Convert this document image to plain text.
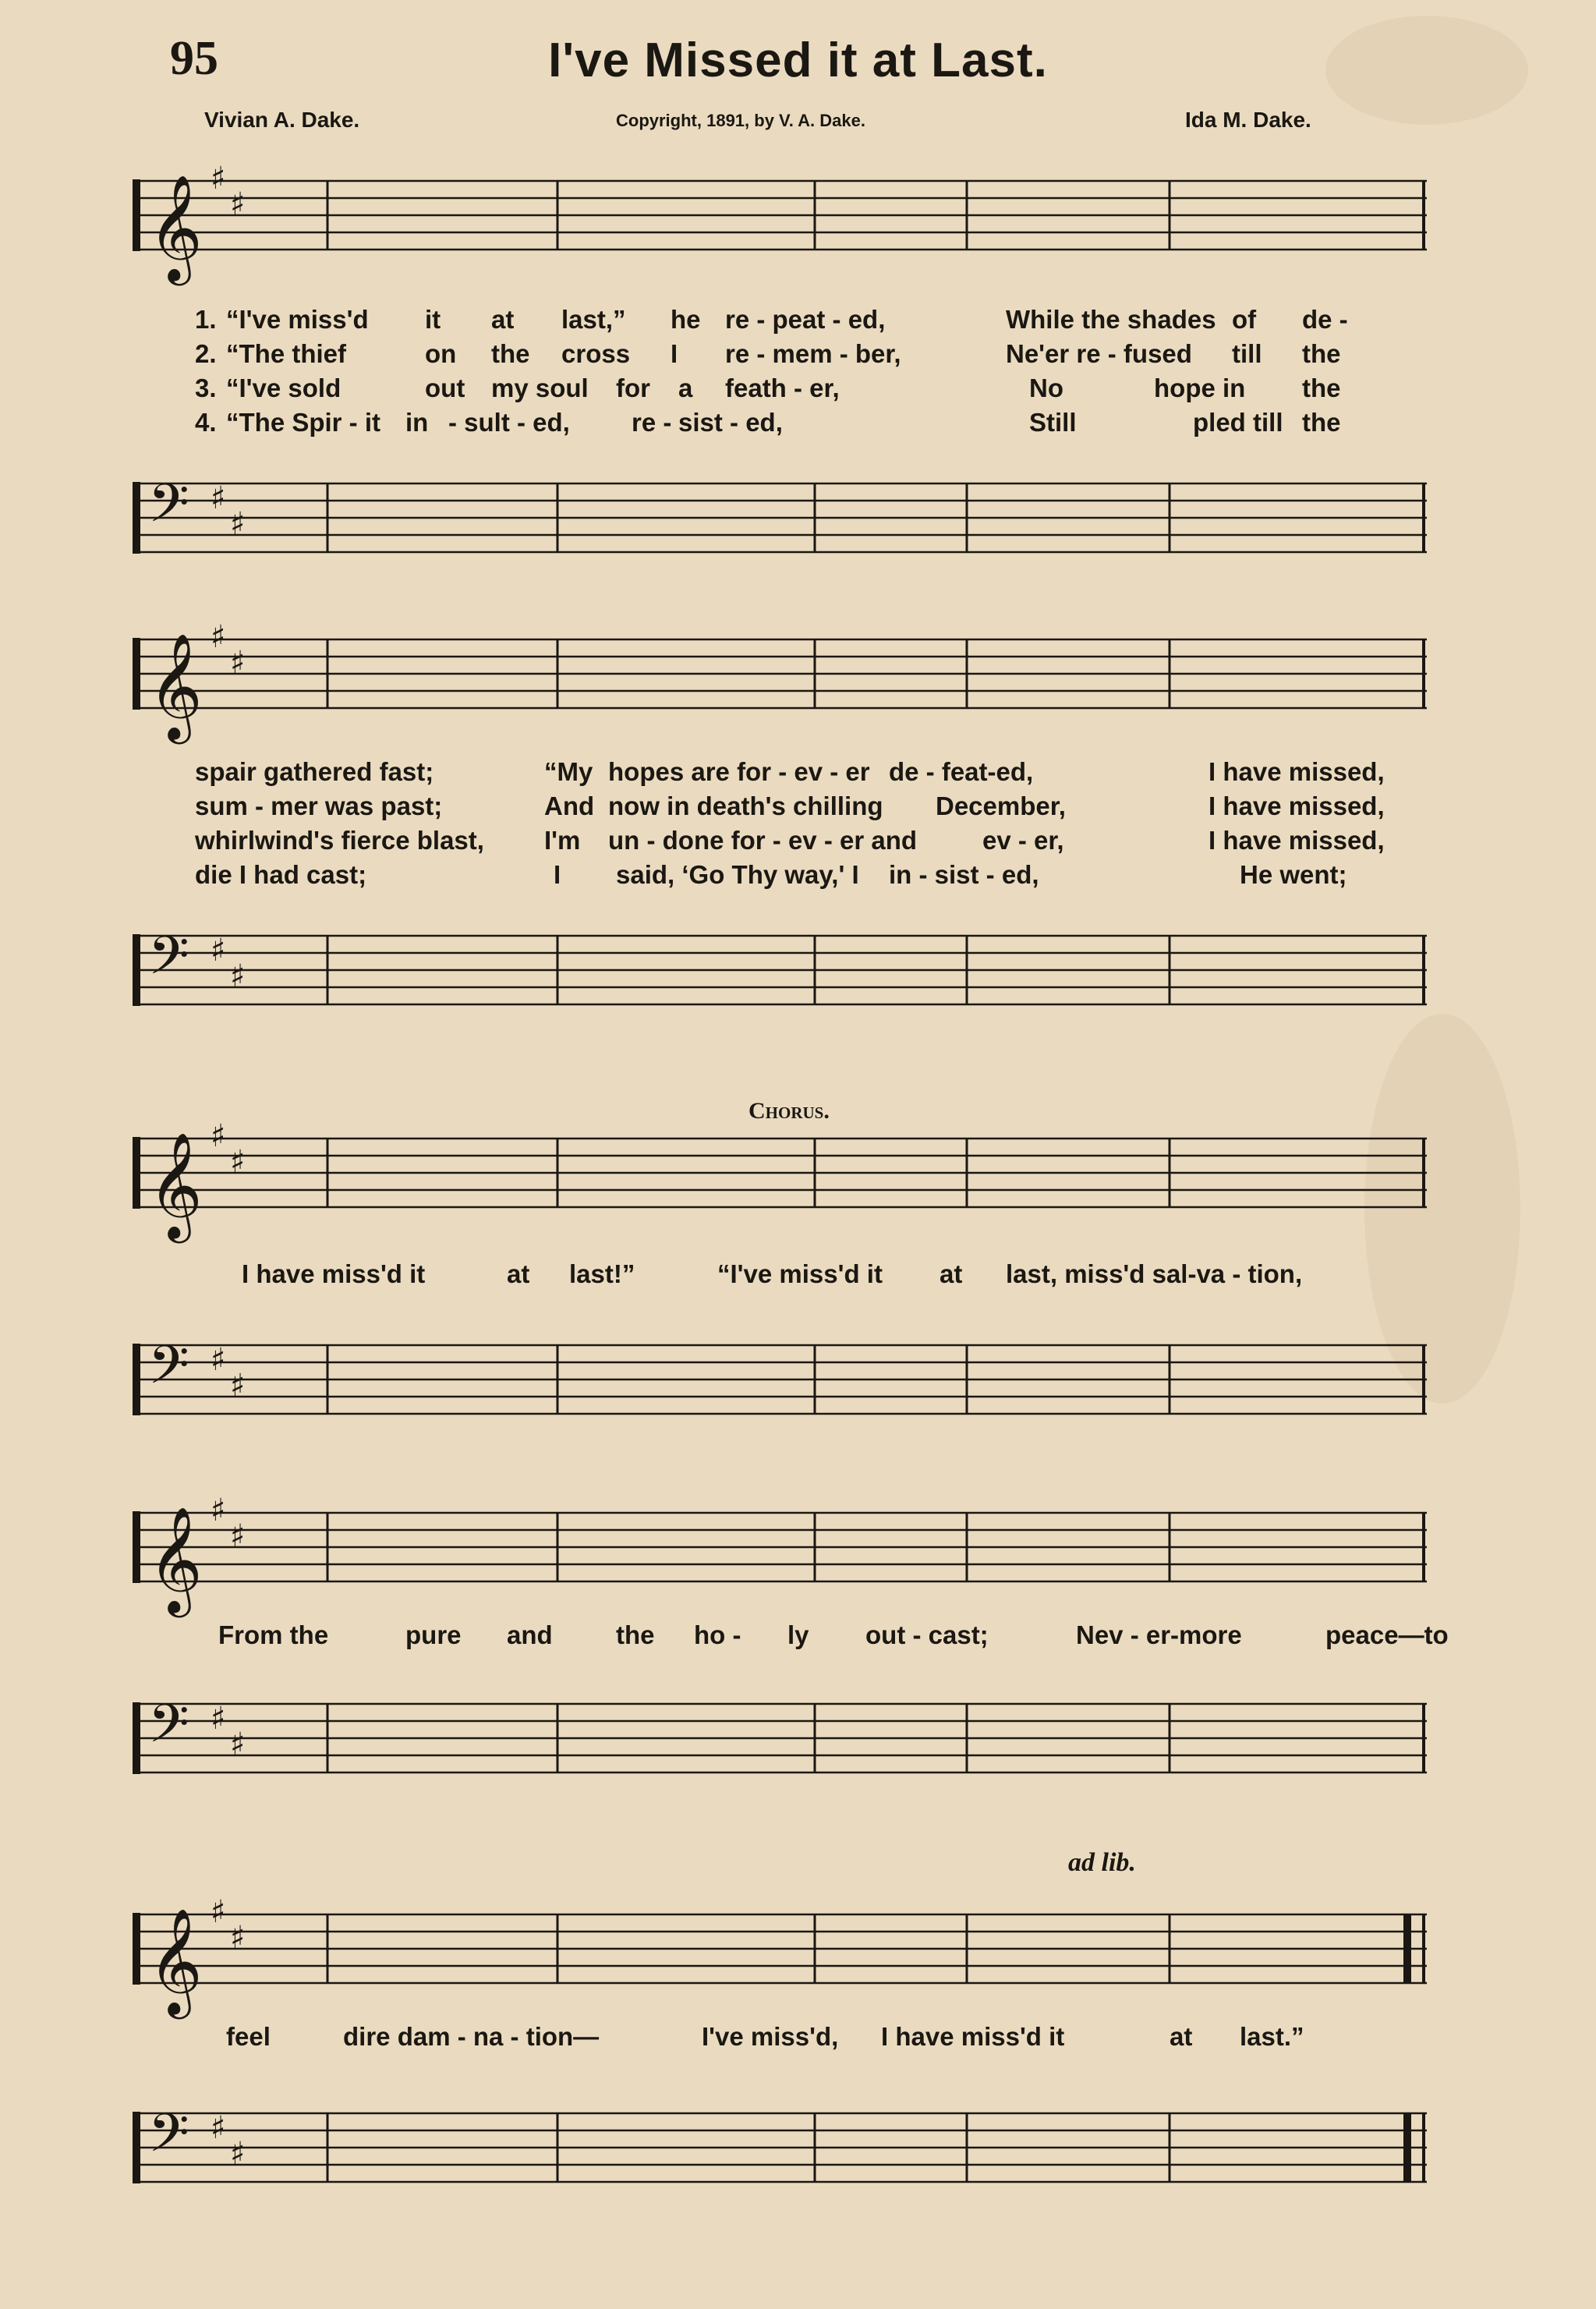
95	I've Missed it at Last.
Vivian A. Dake.	Copyright, 1891, by V. A. Dake.	Ida M. Dake.
𝄞 ♯
♯
1. “I've miss'd it at last,” he re - peat - ed,	While the shades of de -
2. “The thief	on the cross I re - mem - ber,	Ne'er re - fused till the
3. “I've sold	out my soul for a feath - er,	No	hope in the
4. “The Spir - it in - sult - ed, re - sist - ed,	Still	pled till the
𝄢 ♯
♯
𝄞 ♯
♯
spair gathered fast;	“My hopes are for - ev - er de - feat-ed,	I have missed,
sum - mer was past;	And now in death's chilling December,	I have missed,
whirlwind's fierce blast, I'm un - done for - ev - er and	ev - er,	I have missed,
die I had cast;	I said, ‘Go Thy way,' I in - sist - ed,	He went;
𝄢 ♯
♯
Chorus.
𝄞 ♯
♯
I have miss'd it	at last!”	“I've miss'd it at last, miss'd sal-va - tion,
𝄢 ♯
♯
𝄞 ♯
♯
From the	pure and the ho - ly out - cast;	Nev - er-more	peace—to
𝄢 ♯
♯
ad lib.
𝄞 ♯
♯
feel	dire dam - na - tion—	I've miss'd, I have miss'd it	at last.”
𝄢 ♯
♯
